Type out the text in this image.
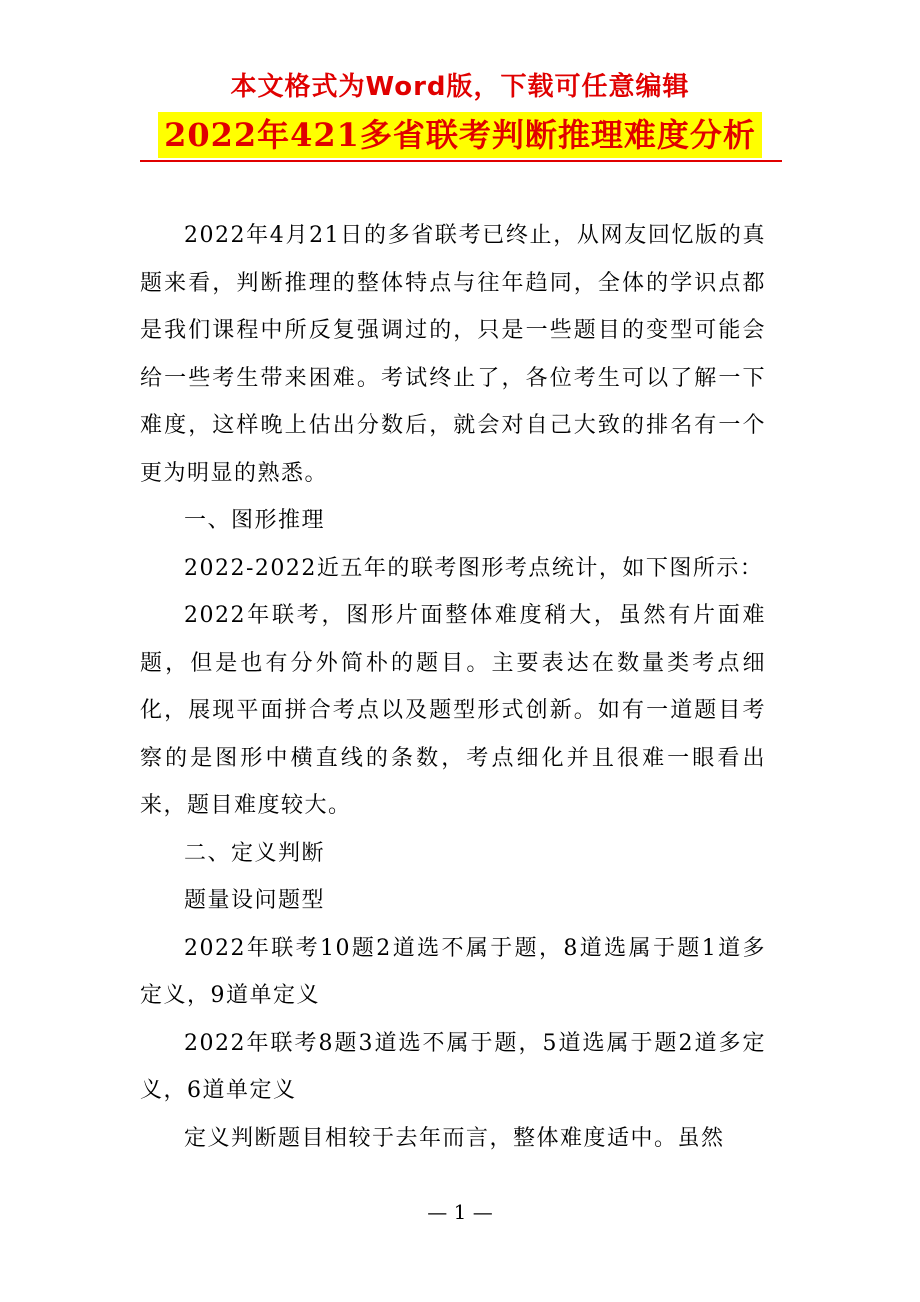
本文格式为Word版，下载可任意编辑
2022年421多省联考判断推理难度分析

2022年4月21日的多省联考已终止，从网友回忆版的真题来看，判断推理的整体特点与往年趋同，全体的学识点都是我们课程中所反复强调过的，只是一些题目的变型可能会给一些考生带来困难。考试终止了，各位考生可以了解一下难度，这样晚上估出分数后，就会对自己大致的排名有一个更为明显的熟悉。

一、图形推理

2022-2022近五年的联考图形考点统计，如下图所示：

2022年联考，图形片面整体难度稍大，虽然有片面难题，但是也有分外简朴的题目。主要表达在数量类考点细化，展现平面拼合考点以及题型形式创新。如有一道题目考察的是图形中横直线的条数，考点细化并且很难一眼看出来，题目难度较大。

二、定义判断

题量设问题型

2022年联考10题2道选不属于题，8道选属于题1道多定义，9道单定义

2022年联考8题3道选不属于题，5道选属于题2道多定义，6道单定义

定义判断题目相较于去年而言，整体难度适中。虽然

— 1 —
